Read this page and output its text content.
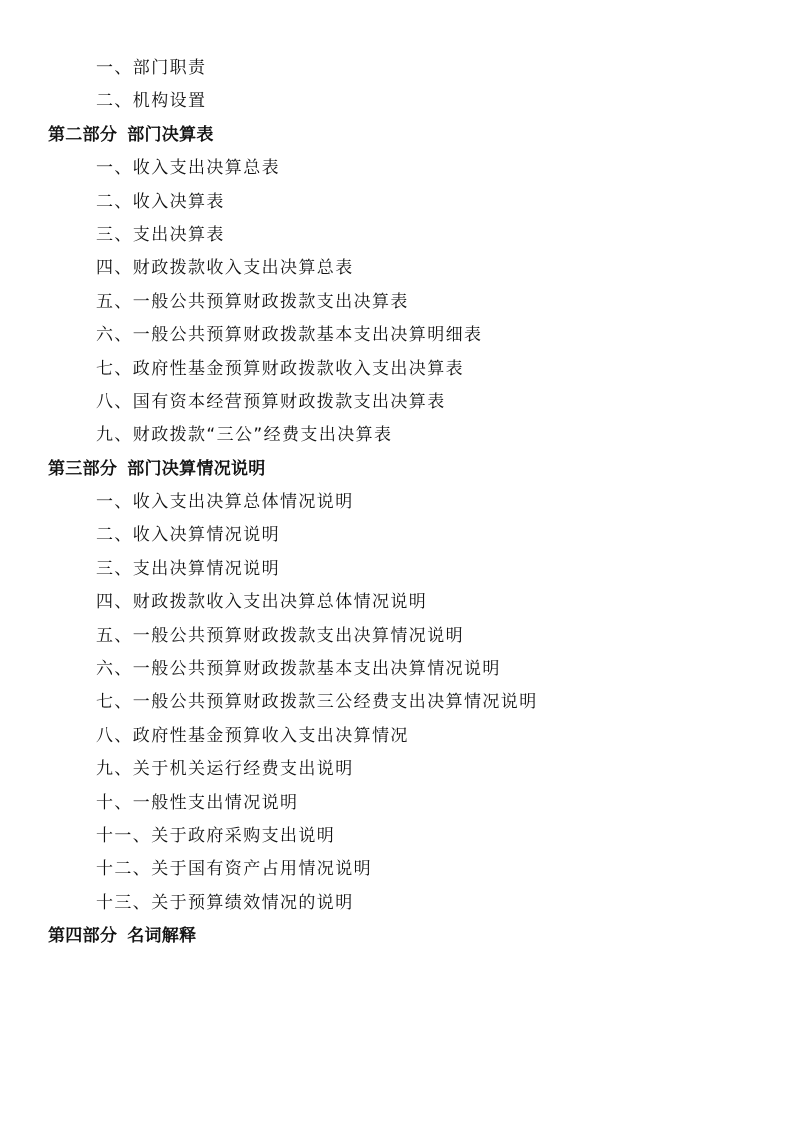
一、部门职责
二、机构设置
第二部分 部门决算表
一、收入支出决算总表
二、收入决算表
三、支出决算表
四、财政拨款收入支出决算总表
五、一般公共预算财政拨款支出决算表
六、一般公共预算财政拨款基本支出决算明细表
七、政府性基金预算财政拨款收入支出决算表
八、国有资本经营预算财政拨款支出决算表
九、财政拨款“三公”经费支出决算表
第三部分 部门决算情况说明
一、收入支出决算总体情况说明
二、收入决算情况说明
三、支出决算情况说明
四、财政拨款收入支出决算总体情况说明
五、一般公共预算财政拨款支出决算情况说明
六、一般公共预算财政拨款基本支出决算情况说明
七、一般公共预算财政拨款三公经费支出决算情况说明
八、政府性基金预算收入支出决算情况
九、关于机关运行经费支出说明
十、一般性支出情况说明
十一、关于政府采购支出说明
十二、关于国有资产占用情况说明
十三、关于预算绩效情况的说明
第四部分 名词解释
